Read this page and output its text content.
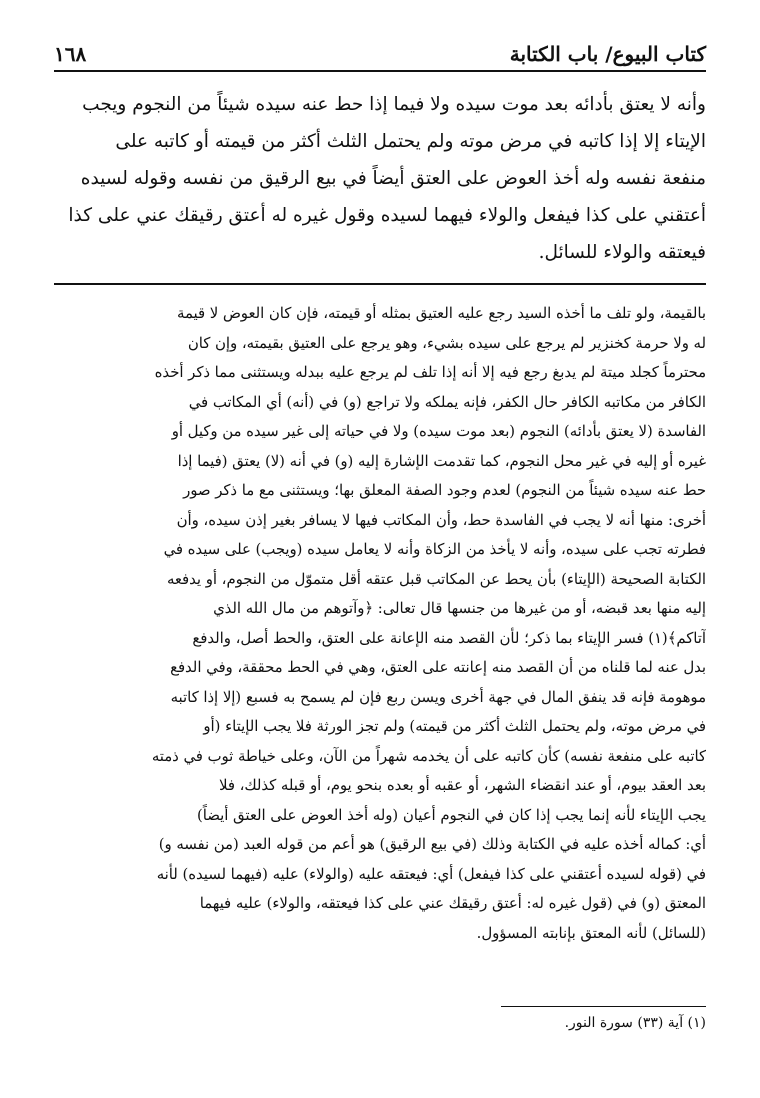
كتاب البيوع/ باب الكتابة
١٦٨

وأنه لا يعتق بأدائه بعد موت سيده ولا فيما إذا حط عنه سيده شيئاً من النجوم ويجب

الإيتاء إلا إذا كاتبه في مرض موته ولم يحتمل الثلث أكثر من قيمته أو كاتبه على

منفعة نفسه وله أخذ العوض على العتق أيضاً في بيع الرقيق من نفسه وقوله لسيده

أعتقني على كذا فيفعل والولاء فيهما لسيده وقول غيره له أعتق رقيقك عني على كذا

فيعتقه والولاء للسائل.

بالقيمة، ولو تلف ما أخذه السيد رجع عليه العتيق بمثله أو قيمته، فإن كان العوض لا قيمة

له ولا حرمة كخنزير لم يرجع على سيده بشيء، وهو يرجع على العتيق بقيمته، وإن كان

محترماً كجلد ميتة لم يدبغ رجع فيه إلا أنه إذا تلف لم يرجع عليه ببدله ويستثنى مما ذكر أخذه

الكافر من مكاتبه الكافر حال الكفر، فإنه يملكه ولا تراجع (و) في (أنه) أي المكاتب في

الفاسدة (لا يعتق بأدائه) النجوم (بعد موت سيده) ولا في حياته إلى غير سيده من وكيل أو

غيره أو إليه في غير محل النجوم، كما تقدمت الإشارة إليه (و) في أنه (لا) يعتق (فيما إذا

حط عنه سيده شيئاً من النجوم) لعدم وجود الصفة المعلق بها؛ ويستثنى مع ما ذكر صور

أخرى: منها أنه لا يجب في الفاسدة حط، وأن المكاتب فيها لا يسافر بغير إذن سيده، وأن

فطرته تجب على سيده، وأنه لا يأخذ من الزكاة وأنه لا يعامل سيده (ويجب) على سيده في

الكتابة الصحيحة (الإيتاء) بأن يحط عن المكاتب قبل عتقه أقل متموّل من النجوم، أو يدفعه

إليه منها بعد قبضه، أو من غيرها من جنسها قال تعالى: ﴿وآتوهم من مال الله الذي

آتاكم﴾(١) فسر الإيتاء بما ذكر؛ لأن القصد منه الإعانة على العتق، والحط أصل، والدفع

بدل عنه لما قلناه من أن القصد منه إعانته على العتق، وهي في الحط محققة، وفي الدفع

موهومة فإنه قد ينفق المال في جهة أخرى ويسن ربع فإن لم يسمح به فسبع (إلا إذا كاتبه

في مرض موته، ولم يحتمل الثلث أكثر من قيمته) ولم تجز الورثة فلا يجب الإيتاء (أو

كاتبه على منفعة نفسه) كأن كاتبه على أن يخدمه شهراً من الآن، وعلى خياطة ثوب في ذمته

بعد العقد بيوم، أو عند انقضاء الشهر، أو عقبه أو بعده بنحو يوم، أو قبله كذلك، فلا

يجب الإيتاء لأنه إنما يجب إذا كان في النجوم أعيان (وله أخذ العوض على العتق أيضاً)

أي: كماله أخذه عليه في الكتابة وذلك (في بيع الرقيق) هو أعم من قوله العبد (من نفسه و)

في (قوله لسيده أعتقني على كذا فيفعل) أي: فيعتقه عليه (والولاء) عليه (فيهما لسيده) لأنه

المعتق (و) في (قول غيره له: أعتق رقيقك عني على كذا فيعتقه، والولاء) عليه فيهما

(للسائل) لأنه المعتق بإنابته المسؤول.

(١) آية (٣٣) سورة النور.
